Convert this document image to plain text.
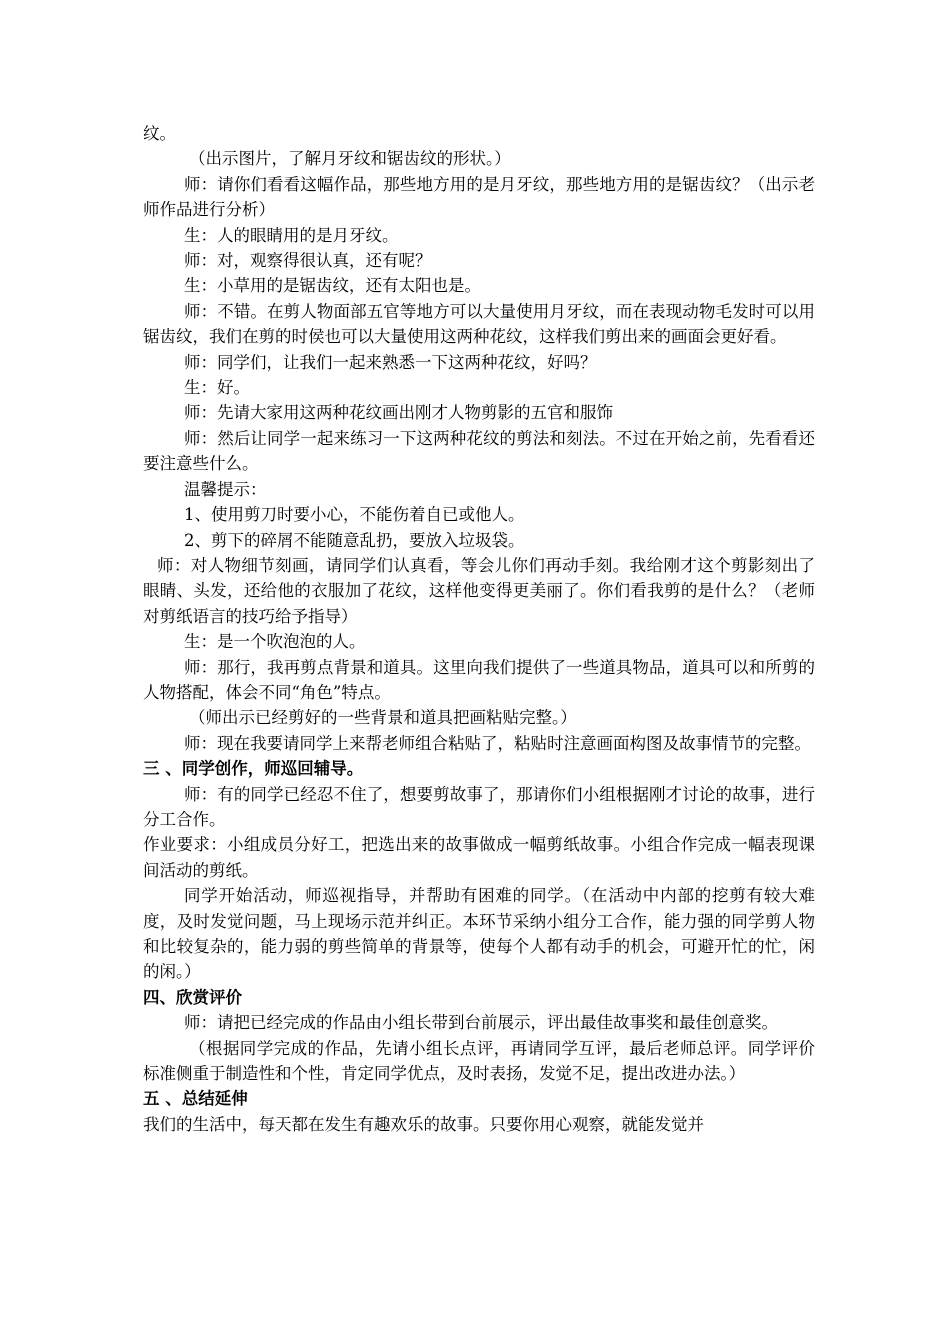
纹。

（出示图片，了解月牙纹和锯齿纹的形状。）

师：请你们看看这幅作品，那些地方用的是月牙纹，那些地方用的是锯齿纹？（出示老师作品进行分析）

生：人的眼睛用的是月牙纹。

师：对，观察得很认真，还有呢？

生：小草用的是锯齿纹，还有太阳也是。

师：不错。在剪人物面部五官等地方可以大量使用月牙纹，而在表现动物毛发时可以用锯齿纹，我们在剪的时侯也可以大量使用这两种花纹，这样我们剪出来的画面会更好看。

师：同学们，让我们一起来熟悉一下这两种花纹，好吗？

生：好。

师：先请大家用这两种花纹画出刚才人物剪影的五官和服饰

师：然后让同学一起来练习一下这两种花纹的剪法和刻法。不过在开始之前，先看看还要注意些什么。

温馨提示：

1、使用剪刀时要小心，不能伤着自已或他人。

2、剪下的碎屑不能随意乱扔，要放入垃圾袋。

师：对人物细节刻画，请同学们认真看，等会儿你们再动手刻。我给刚才这个剪影刻出了眼睛、头发，还给他的衣服加了花纹，这样他变得更美丽了。你们看我剪的是什么？（老师对剪纸语言的技巧给予指导）

生：是一个吹泡泡的人。

师：那行，我再剪点背景和道具。这里向我们提供了一些道具物品，道具可以和所剪的人物搭配，体会不同“角色”特点。

（师出示已经剪好的一些背景和道具把画粘贴完整。）

师：现在我要请同学上来帮老师组合粘贴了，粘贴时注意画面构图及故事情节的完整。

三 、同学创作，师巡回辅导。

师：有的同学已经忍不住了，想要剪故事了，那请你们小组根据刚才讨论的故事，进行分工合作。

作业要求：小组成员分好工，把选出来的故事做成一幅剪纸故事。小组合作完成一幅表现课间活动的剪纸。

同学开始活动，师巡视指导，并帮助有困难的同学。（在活动中内部的挖剪有较大难度，及时发觉问题，马上现场示范并纠正。本环节采纳小组分工合作，能力强的同学剪人物和比较复杂的，能力弱的剪些简单的背景等，使每个人都有动手的机会，可避开忙的忙，闲的闲。）

四、欣赏评价

师：请把已经完成的作品由小组长带到台前展示，评出最佳故事奖和最佳创意奖。

（根据同学完成的作品，先请小组长点评，再请同学互评，最后老师总评。同学评价标准侧重于制造性和个性，肯定同学优点，及时表扬，发觉不足，提出改进办法。）

五 、总结延伸

我们的生活中，每天都在发生有趣欢乐的故事。只要你用心观察，就能发觉并
